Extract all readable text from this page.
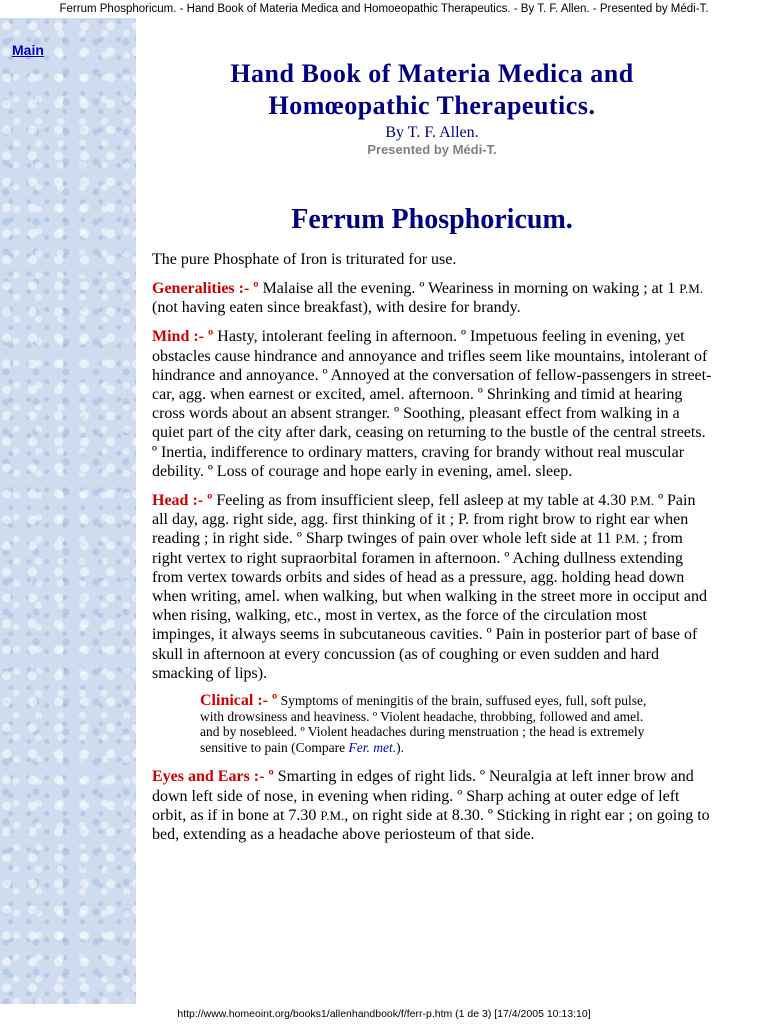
Ferrum Phosphoricum. - Hand Book of Materia Medica and Homoeopathic Therapeutics. - By T. F. Allen. - Presented by Médi-T.
Main
Hand Book of Materia Medica and
Homœopathic Therapeutics.
By T. F. Allen.
Presented by Médi-T.
Ferrum Phosphoricum.

The pure Phosphate of Iron is triturated for use.

Generalities :- º Malaise all the evening. º Weariness in morning on waking ; at 1 P.M. (not having eaten since breakfast), with desire for brandy.

Mind :- º Hasty, intolerant feeling in afternoon. º Impetuous feeling in evening, yet obstacles cause hindrance and annoyance and trifles seem like mountains, intolerant of hindrance and annoyance. º Annoyed at the conversation of fellow-passengers in street-car, agg. when earnest or excited, amel. afternoon. º Shrinking and timid at hearing cross words about an absent stranger. º Soothing, pleasant effect from walking in a quiet part of the city after dark, ceasing on returning to the bustle of the central streets. º Inertia, indifference to ordinary matters, craving for brandy without real muscular debility. º Loss of courage and hope early in evening, amel. sleep.

Head :- º Feeling as from insufficient sleep, fell asleep at my table at 4.30 P.M. º Pain all day, agg. right side, agg. first thinking of it ; P. from right brow to right ear when reading ; in right side. º Sharp twinges of pain over whole left side at 11 P.M. ; from right vertex to right supraorbital foramen in afternoon. º Aching dullness extending from vertex towards orbits and sides of head as a pressure, agg. holding head down when writing, amel. when walking, but when walking in the street more in occiput and when rising, walking, etc., most in vertex, as the force of the circulation most impinges, it always seems in subcutaneous cavities. º Pain in posterior part of base of skull in afternoon at every concussion (as of coughing or even sudden and hard smacking of lips).

Clinical :- º Symptoms of meningitis of the brain, suffused eyes, full, soft pulse, with drowsiness and heaviness. º Violent headache, throbbing, followed and amel. and by nosebleed. º Violent headaches during menstruation ; the head is extremely sensitive to pain (Compare Fer. met.).

Eyes and Ears :- º Smarting in edges of right lids. º Neuralgia at left inner brow and down left side of nose, in evening when riding. º Sharp aching at outer edge of left orbit, as if in bone at 7.30 P.M., on right side at 8.30. º Sticking in right ear ; on going to bed, extending as a headache above periosteum of that side.

http://www.homeoint.org/books1/allenhandbook/f/ferr-p.htm (1 de 3) [17/4/2005 10:13:10]
